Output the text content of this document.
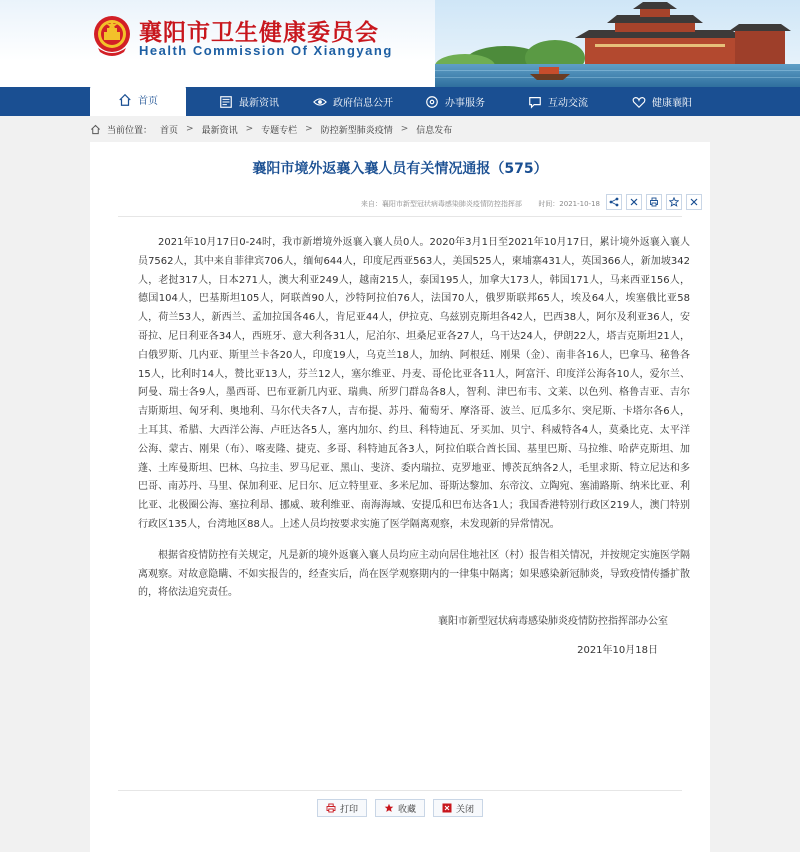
襄阳市卫生健康委员会
Health Commission Of Xiangyang
首页	最新资讯	政府信息公开	办事服务	互动交流	健康襄阳
当前位置： 首页 > 最新资讯 > 专题专栏 > 防控新型肺炎疫情 > 信息发布
襄阳市境外返襄入襄人员有关情况通报（575）
来自：襄阳市新型冠状病毒感染肺炎疫情防控指挥部 时间：2021-10-18

2021年10月17日0-24时，我市新增境外返襄入襄人员0人。2020年3月1日至2021年10月17日，累计境外返襄入襄人员7562人，其中来自菲律宾706人，缅甸644人，印度尼西亚563人，美国525人，柬埔寨431人，英国366人，新加坡342人，老挝317人，日本271人，澳大利亚249人，越南215人，泰国195人，加拿大173人，韩国171人，马来西亚156人，德国104人，巴基斯坦105人，阿联酋90人，沙特阿拉伯76人，法国70人，俄罗斯联邦65人，埃及64人，埃塞俄比亚58人，荷兰53人，新西兰、孟加拉国各46人，肯尼亚44人，伊拉克、乌兹别克斯坦各42人，巴西38人，阿尔及利亚36人，安哥拉、尼日利亚各34人，西班牙、意大利各31人，尼泊尔、坦桑尼亚各27人，乌干达24人，伊朗22人，塔吉克斯坦21人，白俄罗斯、几内亚、斯里兰卡各20人，印度19人，乌克兰18人，加纳、阿根廷、刚果（金）、南非各16人，巴拿马、秘鲁各15人，比利时14人，赞比亚13人，芬兰12人，塞尔维亚、丹麦、哥伦比亚各11人，阿富汗、印度洋公海各10人，爱尔兰、阿曼、瑞士各9人，墨西哥、巴布亚新几内亚、瑞典、所罗门群岛各8人，智利、津巴布韦、文莱、以色列、格鲁吉亚、吉尔吉斯斯坦、匈牙利、奥地利、马尔代夫各7人，吉布提、苏丹、葡萄牙、摩洛哥、波兰、厄瓜多尔、突尼斯、卡塔尔各6人，土耳其、希腊、大西洋公海、卢旺达各5人，塞内加尔、约旦、科特迪瓦、牙买加、贝宁、科威特各4人，莫桑比克、太平洋公海、蒙古、刚果（布）、喀麦隆、捷克、多哥、科特迪瓦各3人，阿拉伯联合酋长国、基里巴斯、马拉维、哈萨克斯坦、加蓬、土库曼斯坦、巴林、乌拉圭、罗马尼亚、黑山、斐济、委内瑞拉、克罗地亚、博茨瓦纳各2人，毛里求斯、特立尼达和多巴哥、南苏丹、马里、保加利亚、尼日尔、厄立特里亚、多米尼加、哥斯达黎加、东帝汶、立陶宛、塞浦路斯、纳米比亚、利比亚、北极圈公海、塞拉利昂、挪威、玻利维亚、南海海域、安提瓜和巴布达各1人；我国香港特别行政区219人，澳门特别行政区135人，台湾地区88人。上述人员均按要求实施了医学隔离观察，未发现新的异常情况。

根据省疫情防控有关规定，凡是新的境外返襄入襄人员均应主动向居住地社区（村）报告相关情况，并按规定实施医学隔离观察。对故意隐瞒、不如实报告的，经查实后，尚在医学观察期内的一律集中隔离；如果感染新冠肺炎，导致疫情传播扩散的，将依法追究责任。

襄阳市新型冠状病毒感染肺炎疫情防控指挥部办公室

2021年10月18日

打印	收藏	关闭
